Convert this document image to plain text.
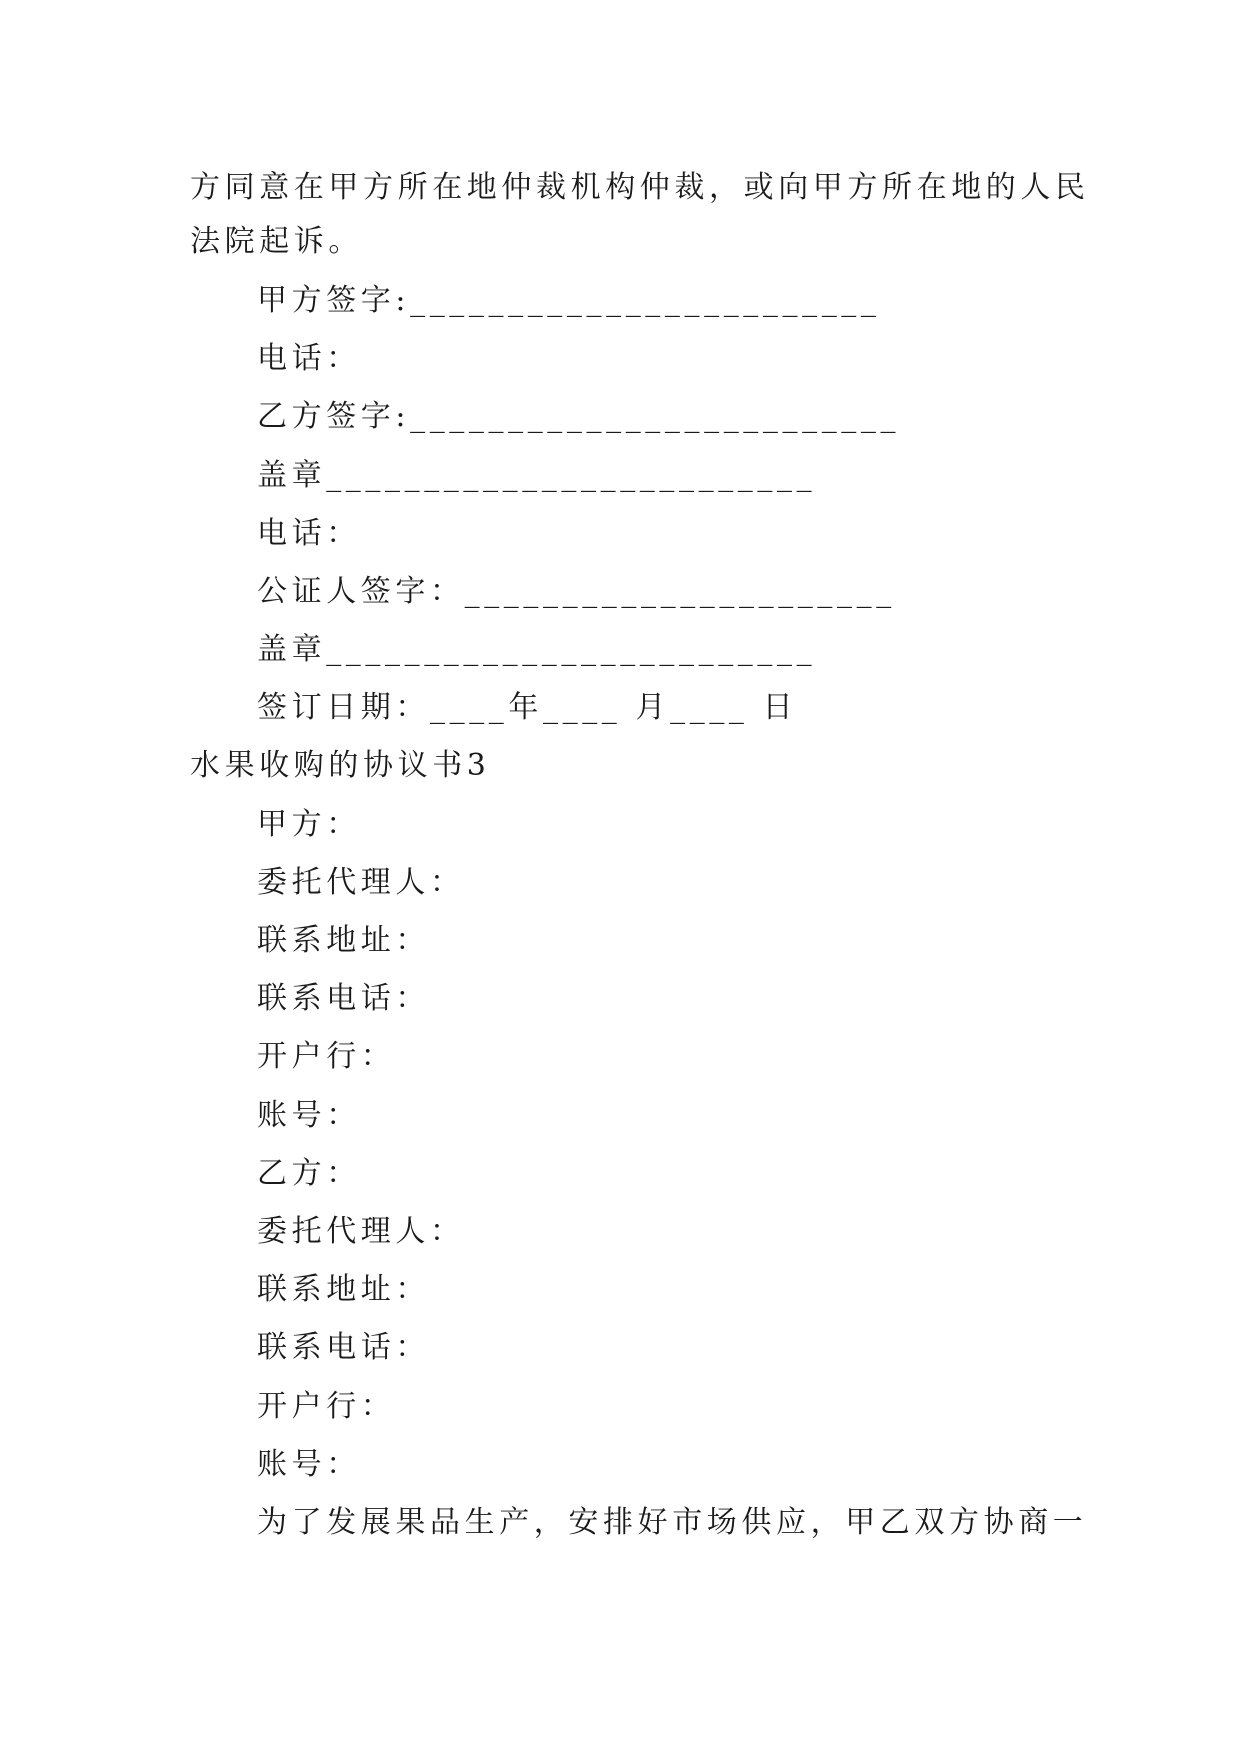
方同意在甲方所在地仲裁机构仲裁，或向甲方所在地的人民
法院起诉。
甲方签字:________________________
电话：
乙方签字:_________________________
盖章_________________________
电话：
公证人签字：______________________
盖章_________________________
签订日期：____年____ 月____ 日
水果收购的协议书3
甲方：
委托代理人：
联系地址：
联系电话：
开户行：
账号：
乙方：
委托代理人：
联系地址：
联系电话：
开户行：
账号：
为了发展果品生产，安排好市场供应，甲乙双方协商一
